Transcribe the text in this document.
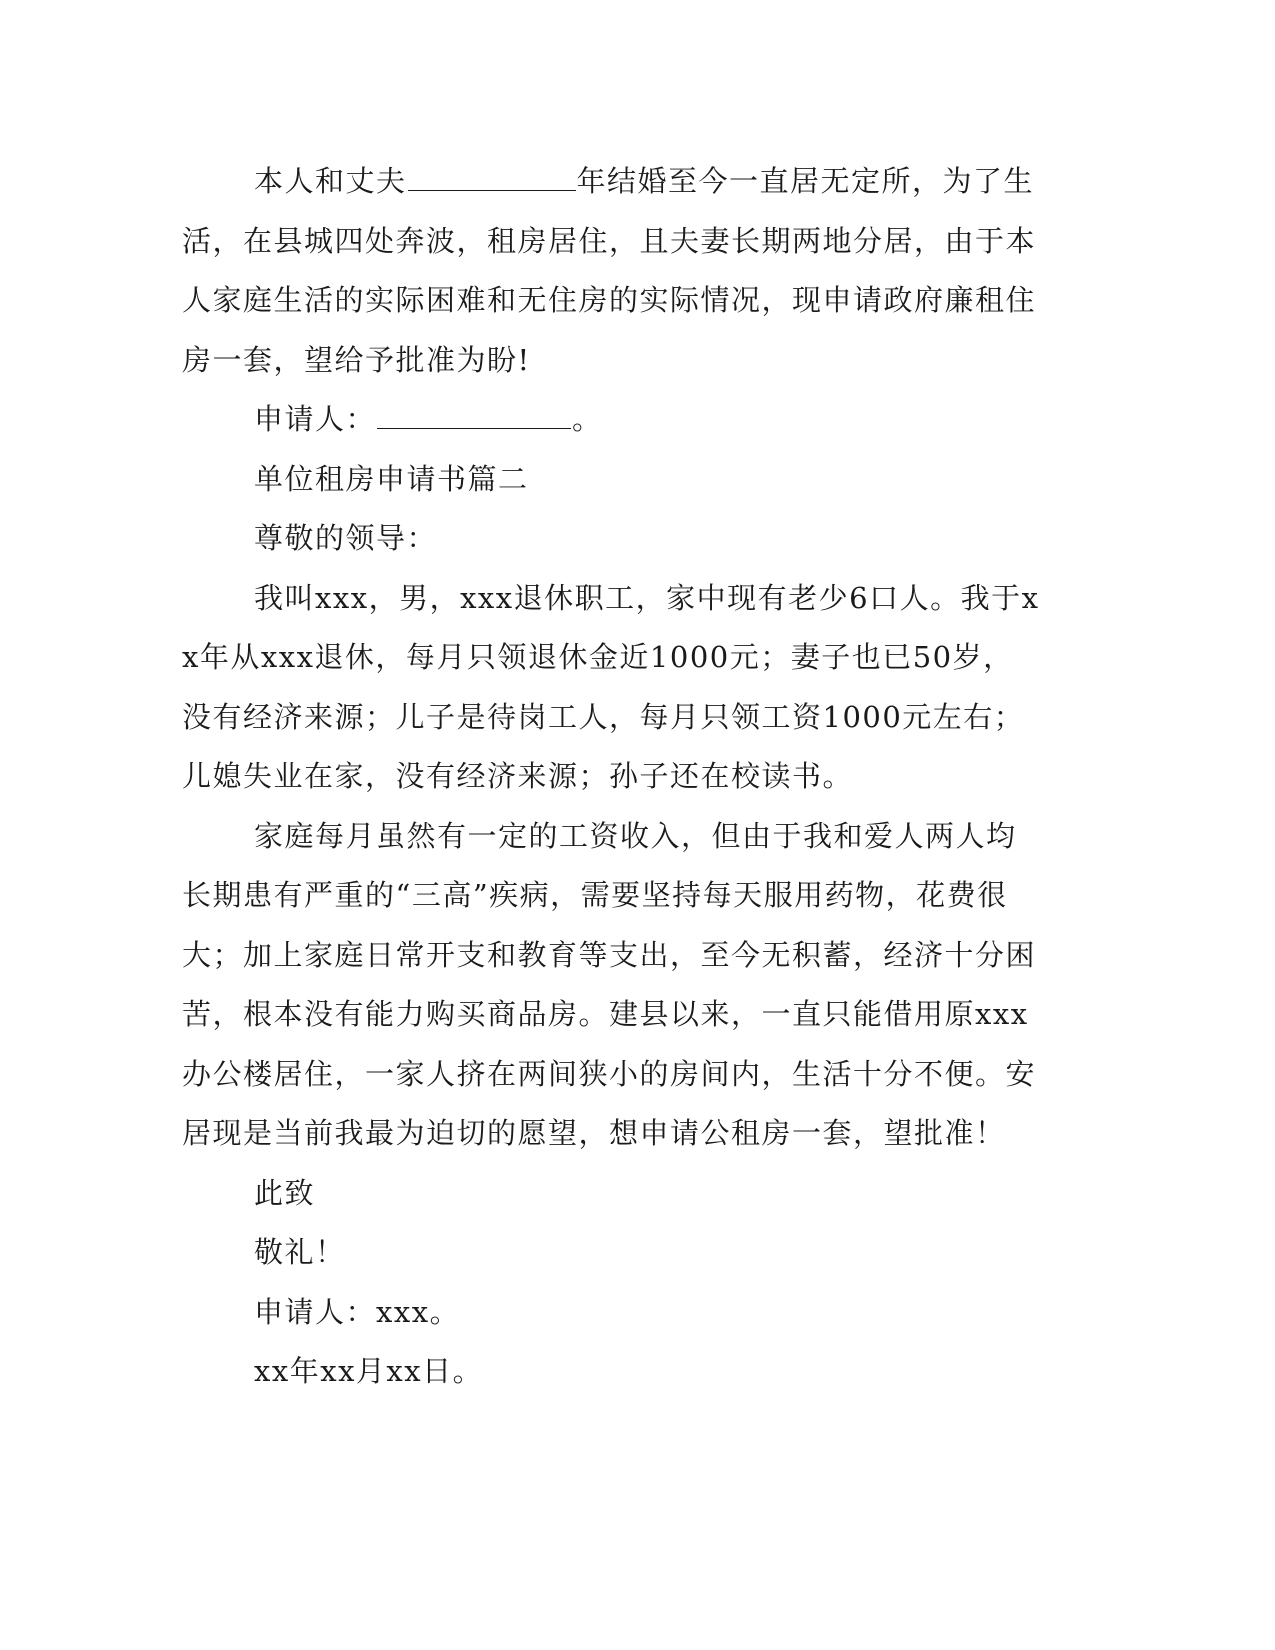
本人和丈夫	年结婚至今一直居无定所，为了生活，在县城四处奔波，租房居住，且夫妻长期两地分居，由于本人家庭生活的实际困难和无住房的实际情况，现申请政府廉租住房一套，望给予批准为盼!

申请人：	。

单位租房申请书篇二

尊敬的领导：

我叫xxx，男，xxx退休职工，家中现有老少6口人。我于xx年从xxx退休，每月只领退休金近1000元；妻子也已50岁，没有经济来源；儿子是待岗工人，每月只领工资1000元左右；儿媳失业在家，没有经济来源；孙子还在校读书。

家庭每月虽然有一定的工资收入，但由于我和爱人两人均长期患有严重的“三高”疾病，需要坚持每天服用药物，花费很大；加上家庭日常开支和教育等支出，至今无积蓄，经济十分困苦，根本没有能力购买商品房。建县以来，一直只能借用原xxx办公楼居住，一家人挤在两间狭小的房间内，生活十分不便。安居现是当前我最为迫切的愿望，想申请公租房一套，望批准！

此致

敬礼！

申请人：xxx。

xx年xx月xx日。
